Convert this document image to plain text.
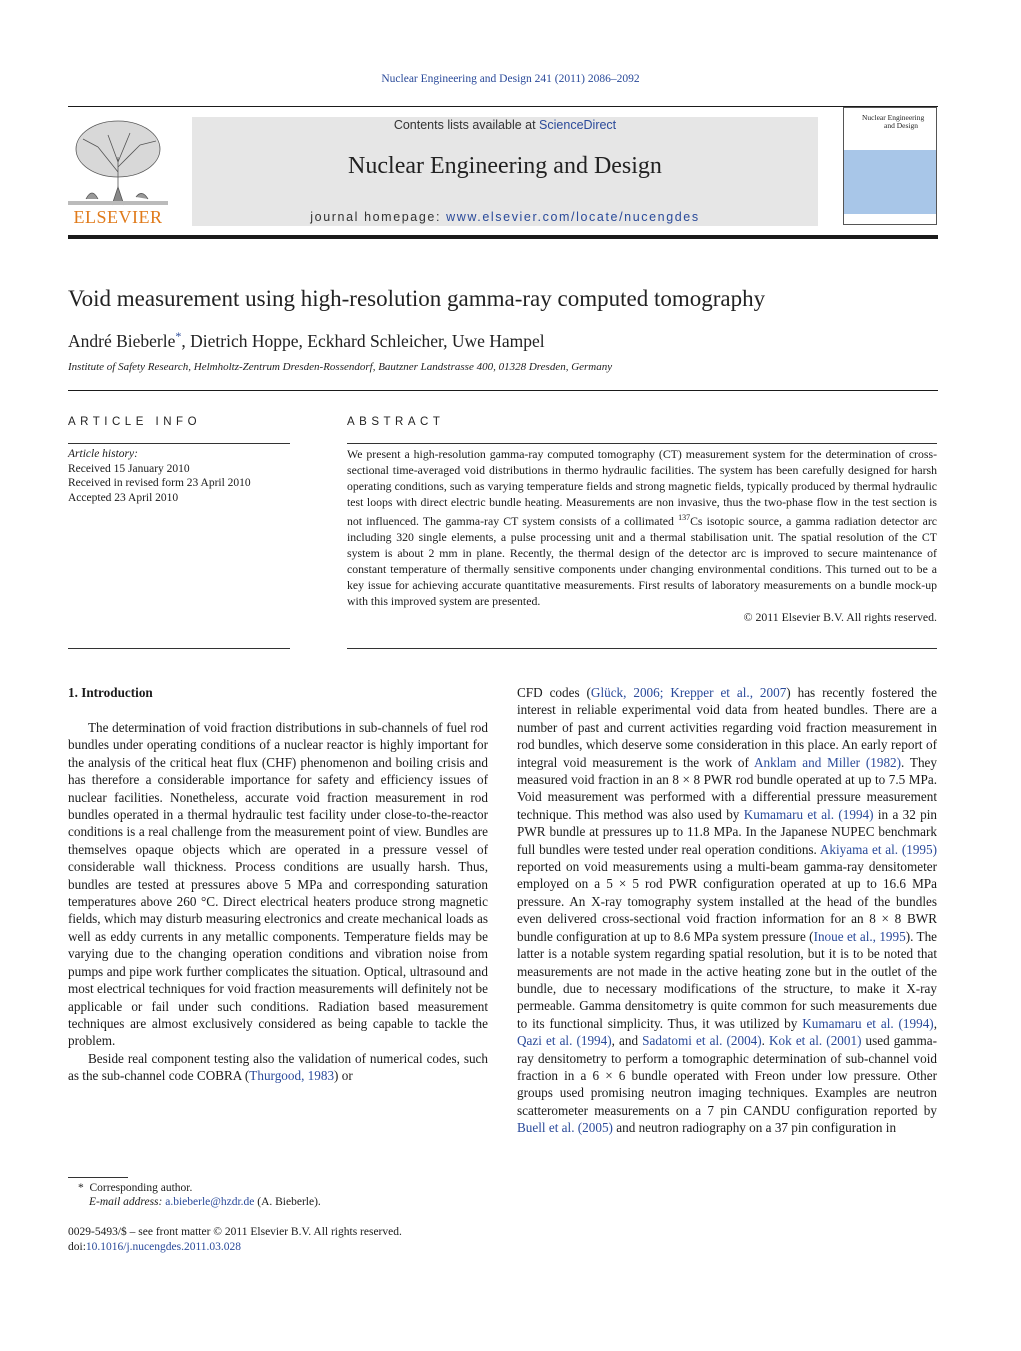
Nuclear Engineering and Design 241 (2011) 2086–2092
ELSEVIER
Contents lists available at ScienceDirect
Nuclear Engineering and Design
journal homepage: www.elsevier.com/locate/nucengdes
Nuclear Engineering
and Design
Void measurement using high-resolution gamma-ray computed tomography
André Bieberle*, Dietrich Hoppe, Eckhard Schleicher, Uwe Hampel
Institute of Safety Research, Helmholtz-Zentrum Dresden-Rossendorf, Bautzner Landstrasse 400, 01328 Dresden, Germany
ARTICLE INFO
Article history:
Received 15 January 2010
Received in revised form 23 April 2010
Accepted 23 April 2010
ABSTRACT
We present a high-resolution gamma-ray computed tomography (CT) measurement system for the determination of cross-sectional time-averaged void distributions in thermo hydraulic facilities. The system has been carefully designed for harsh operating conditions, such as varying temperature fields and strong magnetic fields, typically produced by thermal hydraulic test loops with direct electric bundle heating. Measurements are non invasive, thus the two-phase flow in the test section is not influenced. The gamma-ray CT system consists of a collimated $^{137}$Cs isotopic source, a gamma radiation detector arc including 320 single elements, a pulse processing unit and a thermal stabilisation unit. The spatial resolution of the CT system is about 2 mm in plane. Recently, the thermal design of the detector arc is improved to secure maintenance of constant temperature of thermally sensitive components under changing environmental conditions. This turned out to be a key issue for achieving accurate quantitative measurements. First results of laboratory measurements on a bundle mock-up with this improved system are presented.
© 2011 Elsevier B.V. All rights reserved.
1. Introduction

The determination of void fraction distributions in sub-channels of fuel rod bundles under operating conditions of a nuclear reactor is highly important for the analysis of the critical heat flux (CHF) phenomenon and boiling crisis and has therefore a considerable importance for safety and efficiency issues of nuclear facilities. Nonetheless, accurate void fraction measurement in rod bundles operated in a thermal hydraulic test facility under close-to-the-reactor conditions is a real challenge from the measurement point of view. Bundles are themselves opaque objects which are operated in a pressure vessel of considerable wall thickness. Process conditions are usually harsh. Thus, bundles are tested at pressures above 5 MPa and corresponding saturation temperatures above 260 °C. Direct electrical heaters produce strong magnetic fields, which may disturb measuring electronics and create mechanical loads as well as eddy currents in any metallic components. Temperature fields may be varying due to the changing operation conditions and vibration noise from pumps and pipe work further complicates the situation. Optical, ultrasound and most electrical techniques for void fraction measurements will definitely not be applicable or fail under such conditions. Radiation based measurement techniques are almost exclusively considered as being capable to tackle the problem.

Beside real component testing also the validation of numerical codes, such as the sub-channel code COBRA (Thurgood, 1983) or

CFD codes (Glück, 2006; Krepper et al., 2007) has recently fostered the interest in reliable experimental void data from heated bundles. There are a number of past and current activities regarding void fraction measurement in rod bundles, which deserve some consideration in this place. An early report of integral void measurement is the work of Anklam and Miller (1982). They measured void fraction in an 8 × 8 PWR rod bundle operated at up to 7.5 MPa. Void measurement was performed with a differential pressure measurement technique. This method was also used by Kumamaru et al. (1994) in a 32 pin PWR bundle at pressures up to 11.8 MPa. In the Japanese NUPEC benchmark full bundles were tested under real operation conditions. Akiyama et al. (1995) reported on void measurements using a multi-beam gamma-ray densitometer employed on a 5 × 5 rod PWR configuration operated at up to 16.6 MPa pressure. An X-ray tomography system installed at the head of the bundles even delivered cross-sectional void fraction information for an 8 × 8 BWR bundle configuration at up to 8.6 MPa system pressure (Inoue et al., 1995). The latter is a notable system regarding spatial resolution, but it is to be noted that measurements are not made in the active heating zone but in the outlet of the bundle, due to necessary modifications of the structure, to make it X-ray permeable. Gamma densitometry is quite common for such measurements due to its functional simplicity. Thus, it was utilized by Kumamaru et al. (1994), Qazi et al. (1994), and Sadatomi et al. (2004). Kok et al. (2001) used gamma-ray densitometry to perform a tomographic determination of sub-channel void fraction in a 6 × 6 bundle operated with Freon under low pressure. Other groups used promising neutron imaging techniques. Examples are neutron scatterometer measurements on a 7 pin CANDU configuration reported by Buell et al. (2005) and neutron radiography on a 37 pin configuration in

* Corresponding author.
E-mail address: a.bieberle@hzdr.de (A. Bieberle).
0029-5493/$ – see front matter © 2011 Elsevier B.V. All rights reserved.
doi:10.1016/j.nucengdes.2011.03.028
